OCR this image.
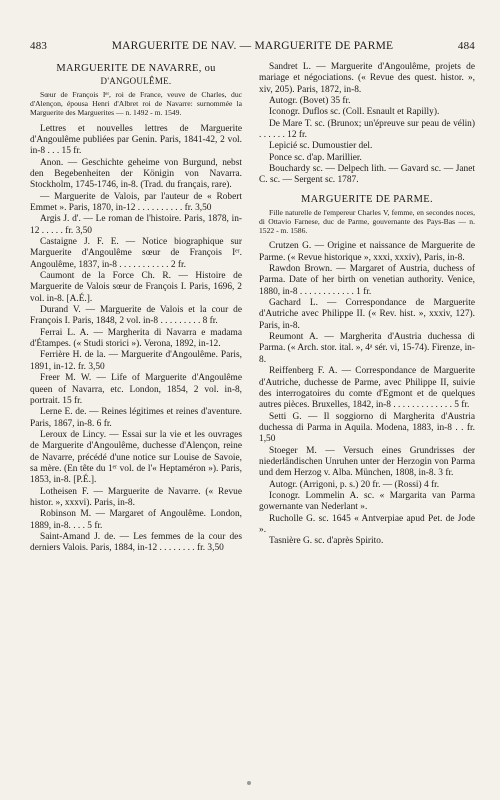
483	MARGUERITE DE NAV. — MARGUERITE DE PARME	484
MARGUERITE DE NAVARRE, ou
D'ANGOULÊME.

Sœur de François Iᵉʳ, roi de France, veuve de Charles, duc d'Alençon, épousa Henri d'Albret roi de Navarre: surnommée la Marguerite des Marguerites — n. 1492 - m. 1549.

Lettres et nouvelles lettres de Marguerite d'Angoulême publiées par Genin. Paris, 1841-42, 2 vol. in-8 . . . 15 fr.

Anon. — Geschichte geheime von Burgund, nebst den Begebenheiten der Königin von Navarra. Stockholm, 1745-1746, in-8. (Trad. du français, rare).

— Marguerite de Valois, par l'auteur de « Robert Emmet ». Paris, 1870, in-12 . . . . . . . . . . fr. 3,50

Argis J. d'. — Le roman de l'histoire. Paris, 1878, in-12 . . . . . fr. 3,50

Castaigne J. F. E. — Notice biographique sur Marguerite d'Angoulême sœur de François Iᵉʳ. Angoulême, 1837, in-8 . . . . . . . . . . . 2 fr.

Caumont de la Force Ch. R. — Histoire de Marguerite de Valois sœur de François I. Paris, 1696, 2 vol. in-8. [A.É.].

Durand V. — Marguerite de Valois et la cour de François I. Paris, 1848, 2 vol. in-8 . . . . . . . . . 8 fr.

Ferrai L. A. — Margherita di Navarra e madama d'Étampes. (« Studi storici »). Verona, 1892, in-12.

Ferrière H. de la. — Marguerite d'Angoulême. Paris, 1891, in-12. fr. 3,50

Freer M. W. — Life of Marguerite d'Angoulême queen of Navarra, etc. London, 1854, 2 vol. in-8, portrait. 15 fr.

Lerne E. de. — Reines légitimes et reines d'aventure. Paris, 1867, in-8. 6 fr.

Leroux de Lincy. — Essai sur la vie et les ouvrages de Marguerite d'Angoulême, duchesse d'Alençon, reine de Navarre, précédé d'une notice sur Louise de Savoie, sa mère. (En tête du 1ᵉʳ vol. de l'« Heptaméron »). Paris, 1853, in-8. [P.É.].

Lotheisen F. — Marguerite de Navarre. (« Revue histor. », xxxvi). Paris, in-8.

Robinson M. — Margaret of Angoulême. London, 1889, in-8. . . . 5 fr.

Saint-Amand J. de. — Les femmes de la cour des derniers Valois. Paris, 1884, in-12 . . . . . . . . fr. 3,50

Sandret L. — Marguerite d'Angoulême, projets de mariage et négociations. (« Revue des quest. histor. », xiv, 205). Paris, 1872, in-8.

Autogr. (Bovet) 35 fr.

Iconogr. Duflos sc. (Coll. Esnault et Rapilly).

De Mare T. sc. (Brunox; un'épreuve sur peau de vélin) . . . . . . 12 fr.

Lepicié sc. Dumoustier del.

Ponce sc. d'ap. Marillier.

Bouchardy sc. — Delpech lith. — Gavard sc. — Janet C. sc. — Sergent sc. 1787.

MARGUERITE DE PARME.

Fille naturelle de l'empereur Charles V, femme, en secondes noces, di Ottavio Farnese, duc de Parme, gouvernante des Pays-Bas — n. 1522 - m. 1586.

Crutzen G. — Origine et naissance de Marguerite de Parme. (« Revue historique », xxxi, xxxiv), Paris, in-8.

Rawdon Brown. — Margaret of Austria, duchess of Parma. Date of her birth on venetian authority. Venice, 1880, in-8 . . . . . . . . . . . . 1 fr.

Gachard L. — Correspondance de Marguerite d'Autriche avec Philippe II. (« Rev. hist. », xxxiv, 127). Paris, in-8.

Reumont A. — Margherita d'Austria duchessa di Parma. (« Arch. stor. ital. », 4ᵃ sér. vi, 15-74). Firenze, in-8.

Reiffenberg F. A. — Correspondance de Marguerite d'Autriche, duchesse de Parme, avec Philippe II, suivie des interrogatoires du comte d'Egmont et de quelques autres pièces. Bruxelles, 1842, in-8 . . . . . . . . . . . . . 5 fr.

Setti G. — Il soggiorno di Margherita d'Austria duchessa di Parma in Aquila. Modena, 1883, in-8 . . fr. 1,50

Stoeger M. — Versuch eines Grundrisses der niederländischen Unruhen unter der Herzogin von Parma und dem Herzog v. Alba. München, 1808, in-8. 3 fr.

Autogr. (Arrigoni, p. s.) 20 fr. — (Rossi) 4 fr.

Iconogr. Lommelin A. sc. « Margarita van Parma gowernante van Nederlant ».

Rucholle G. sc. 1645 « Antverpiae apud Pet. de Jode ».

Tasnière G. sc. d'après Spirito.
